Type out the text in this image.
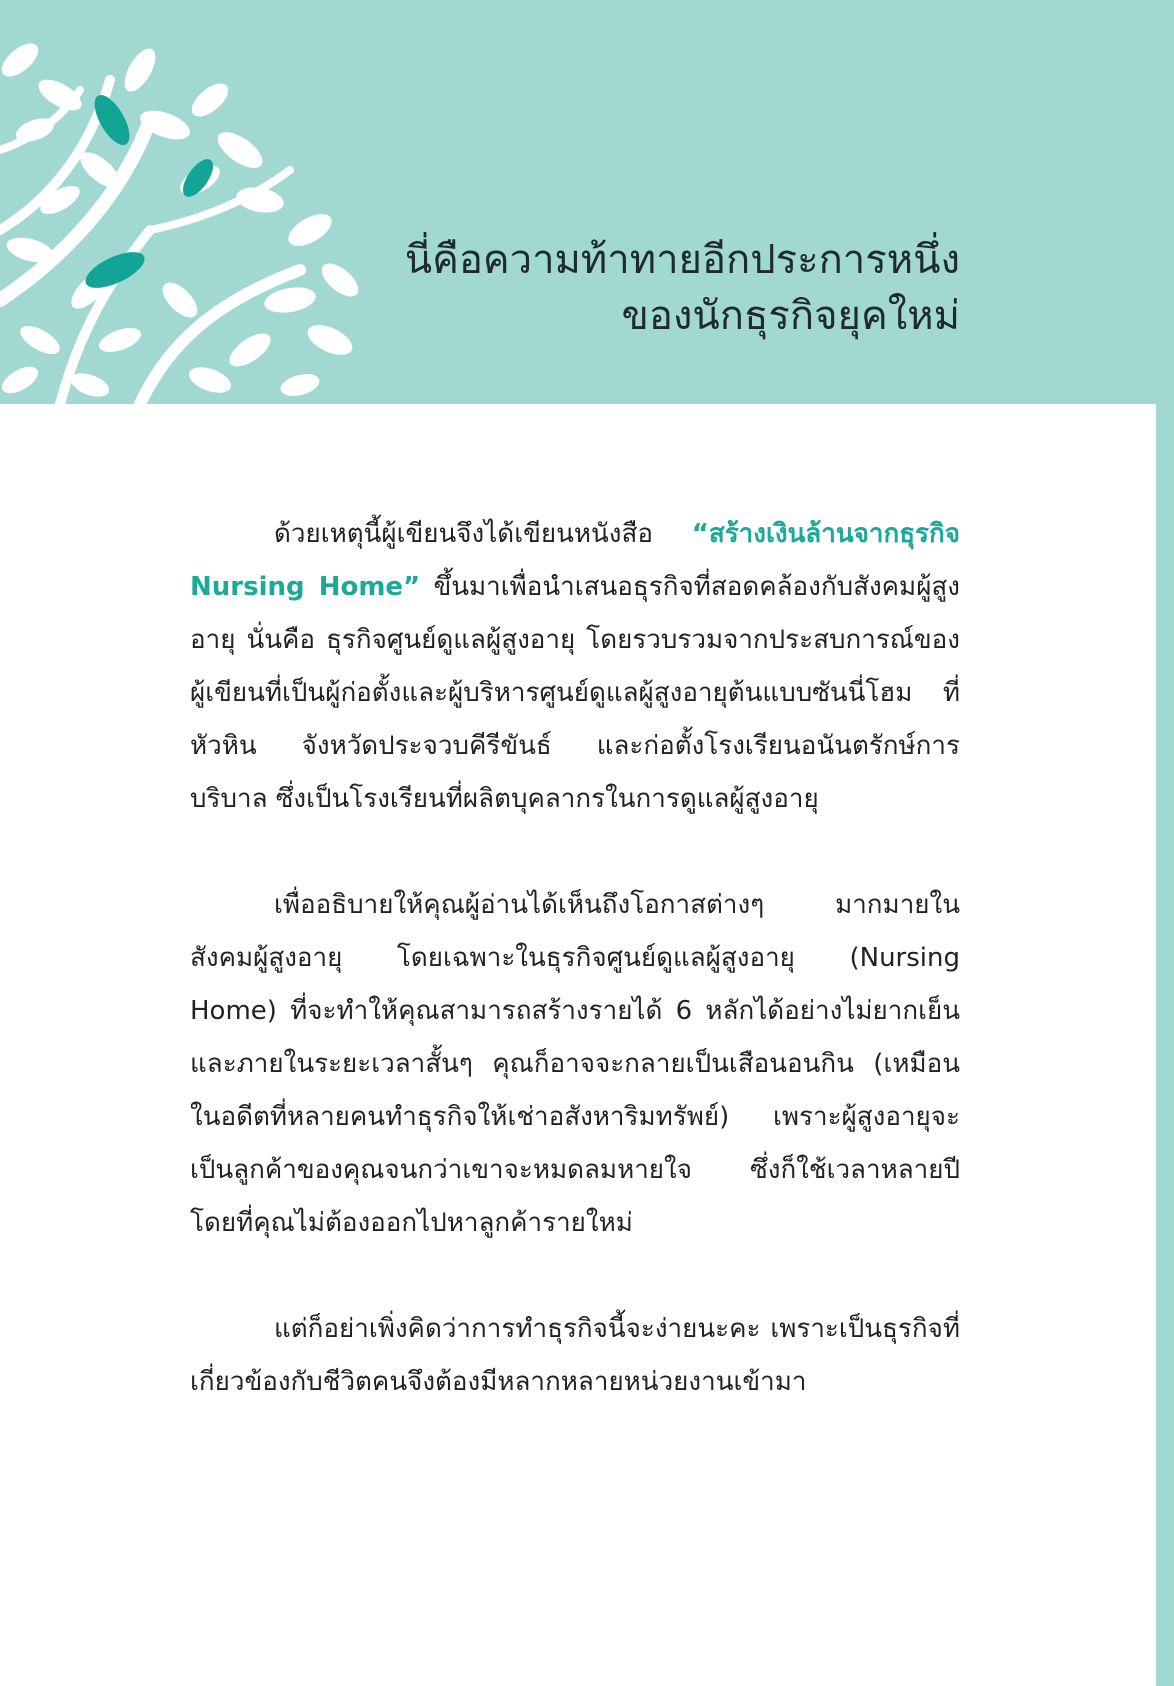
นี่คือความท้าทายอีกประการหนึ่ง
ของนักธุรกิจยุคใหม่

ด้วยเหตุนี้ผู้เขียนจึงได้เขียนหนังสือ “สร้างเงินล้านจากธุรกิจ Nursing Home” ขึ้นมาเพื่อนำเสนอธุรกิจที่สอดคล้องกับสังคมผู้สูงอายุ นั่นคือ ธุรกิจศูนย์ดูแลผู้สูงอายุ โดยรวบรวมจากประสบการณ์ของผู้เขียนที่เป็นผู้ก่อตั้งและผู้บริหารศูนย์ดูแลผู้สูงอายุต้นแบบซันนี่โฮม ที่หัวหิน จังหวัดประจวบคีรีขันธ์ และก่อตั้งโรงเรียนอนันตรักษ์การบริบาล ซึ่งเป็นโรงเรียนที่ผลิตบุคลากรในการดูแลผู้สูงอายุ

เพื่ออธิบายให้คุณผู้อ่านได้เห็นถึงโอกาสต่างๆ มากมายในสังคมผู้สูงอายุ โดยเฉพาะในธุรกิจศูนย์ดูแลผู้สูงอายุ (Nursing Home) ที่จะทำให้คุณสามารถสร้างรายได้ 6 หลักได้อย่างไม่ยากเย็น และภายในระยะเวลาสั้นๆ คุณก็อาจจะกลายเป็นเสือนอนกิน (เหมือนในอดีตที่หลายคนทำธุรกิจให้เช่าอสังหาริมทรัพย์) เพราะผู้สูงอายุจะเป็นลูกค้าของคุณจนกว่าเขาจะหมดลมหายใจ ซึ่งก็ใช้เวลาหลายปี โดยที่คุณไม่ต้องออกไปหาลูกค้ารายใหม่

แต่ก็อย่าเพิ่งคิดว่าการทำธุรกิจนี้จะง่ายนะคะ เพราะเป็นธุรกิจที่เกี่ยวข้องกับชีวิตคนจึงต้องมีหลากหลายหน่วยงานเข้ามา
